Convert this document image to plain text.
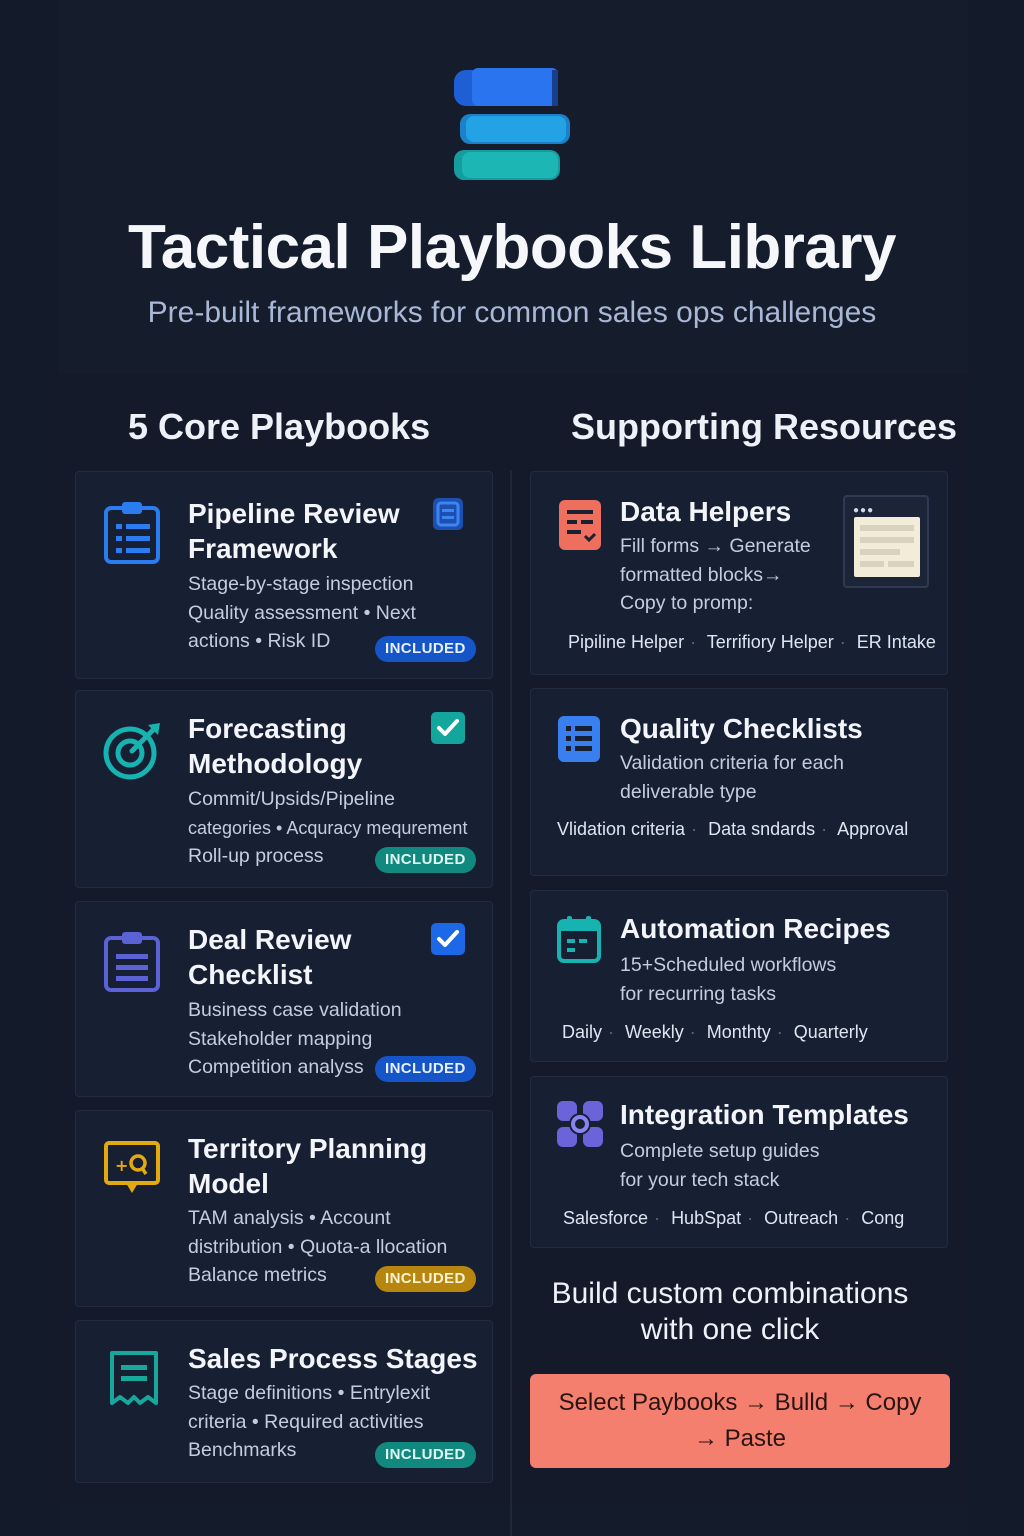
Tactical Playbooks Library
Pre-built frameworks for common sales ops challenges
5 Core Playbooks	Supporting Resources
Pipeline Review
Framework
Stage-by-stage inspection
Quality assessment • Next
actions • Risk ID	INCLUDED
Forecasting
Methodology
Commit/Upsids/Pipeline
categories • Acqurаcy mequrement
Roll-up process	INCLUDED
Deal Review
Checklist
Business case validation
Stakeholder mapping
Competition analyss	INCLUDED
+
Territory Planning
Model
TAM analysis • Account
distribution • Quota-a llocation
Balance metrics	INCLUDED
Sales Process Stages
Stage definitions • Entrylexit
criteria • Required activities
Benchmarks	INCLUDED
Data Helpers
Fill forms → Generate
formatted blocks→
Copy to promp:
Pipiline Helper · Terrifiory Helper · ER Intake
●●●
Quality Checklists
Validation criteria for each
deliverable type
Vlidation criteria · Data sndards · Approval
Automation Recipes
15+Scheduled workflows
for recurring tasks
Daily · Weekly · Monthty · Quarterly
Integration Templates
Complete setup guides
for your tech stack
Salesforce · HubSpat · Outreach · Cong
Build custom combinations
with one click
Select Paybooks → Bulld → Copy
→ Paste
